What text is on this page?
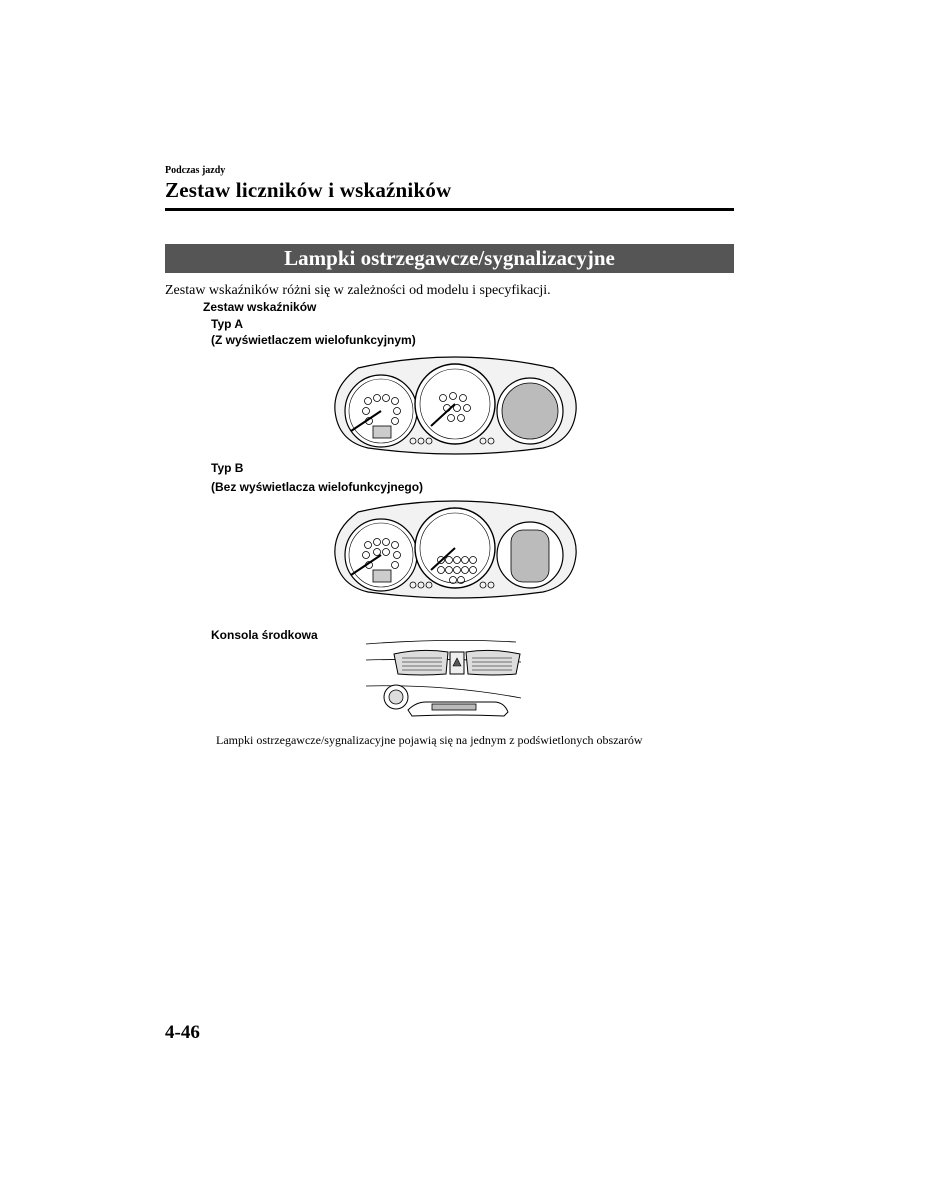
Podczas jazdy
Zestaw liczników i wskaźników
Lampki ostrzegawcze/sygnalizacyjne
Zestaw wskaźników różni się w zależności od modelu i specyfikacji.
Zestaw wskaźników
Typ A
(Z wyświetlaczem wielofunkcyjnym)
Typ B
(Bez wyświetlacza wielofunkcyjnego)
Konsola środkowa
Lampki ostrzegawcze/sygnalizacyjne pojawią się na jednym z podświetlonych obszarów
4-46
